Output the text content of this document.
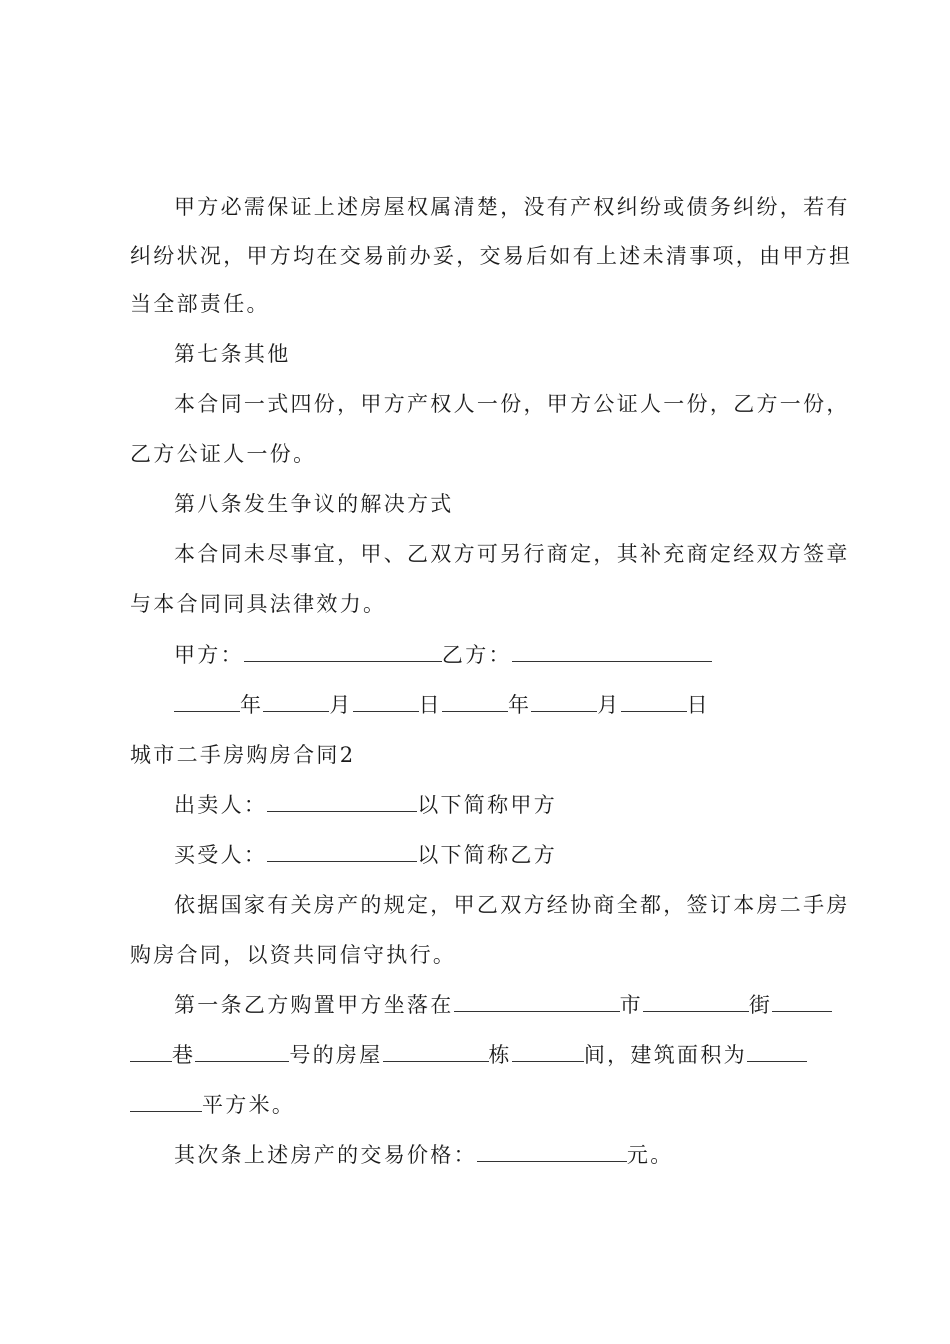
甲方必需保证上述房屋权属清楚，没有产权纠纷或债务纠纷，若有
纠纷状况，甲方均在交易前办妥，交易后如有上述未清事项，由甲方担
当全部责任。
第七条其他
本合同一式四份，甲方产权人一份，甲方公证人一份，乙方一份，
乙方公证人一份。
第八条发生争议的解决方式
本合同未尽事宜，甲、乙双方可另行商定，其补充商定经双方签章
与本合同同具法律效力。
甲方：	乙方：
年	月	日	年	月	日
城市二手房购房合同2
出卖人：	以下简称甲方
买受人：	以下简称乙方
依据国家有关房产的规定，甲乙双方经协商全都，签订本房二手房
购房合同，以资共同信守执行。
第一条乙方购置甲方坐落在	市	街
巷	号的房屋	栋	间，建筑面积为
平方米。
其次条上述房产的交易价格：	元。
